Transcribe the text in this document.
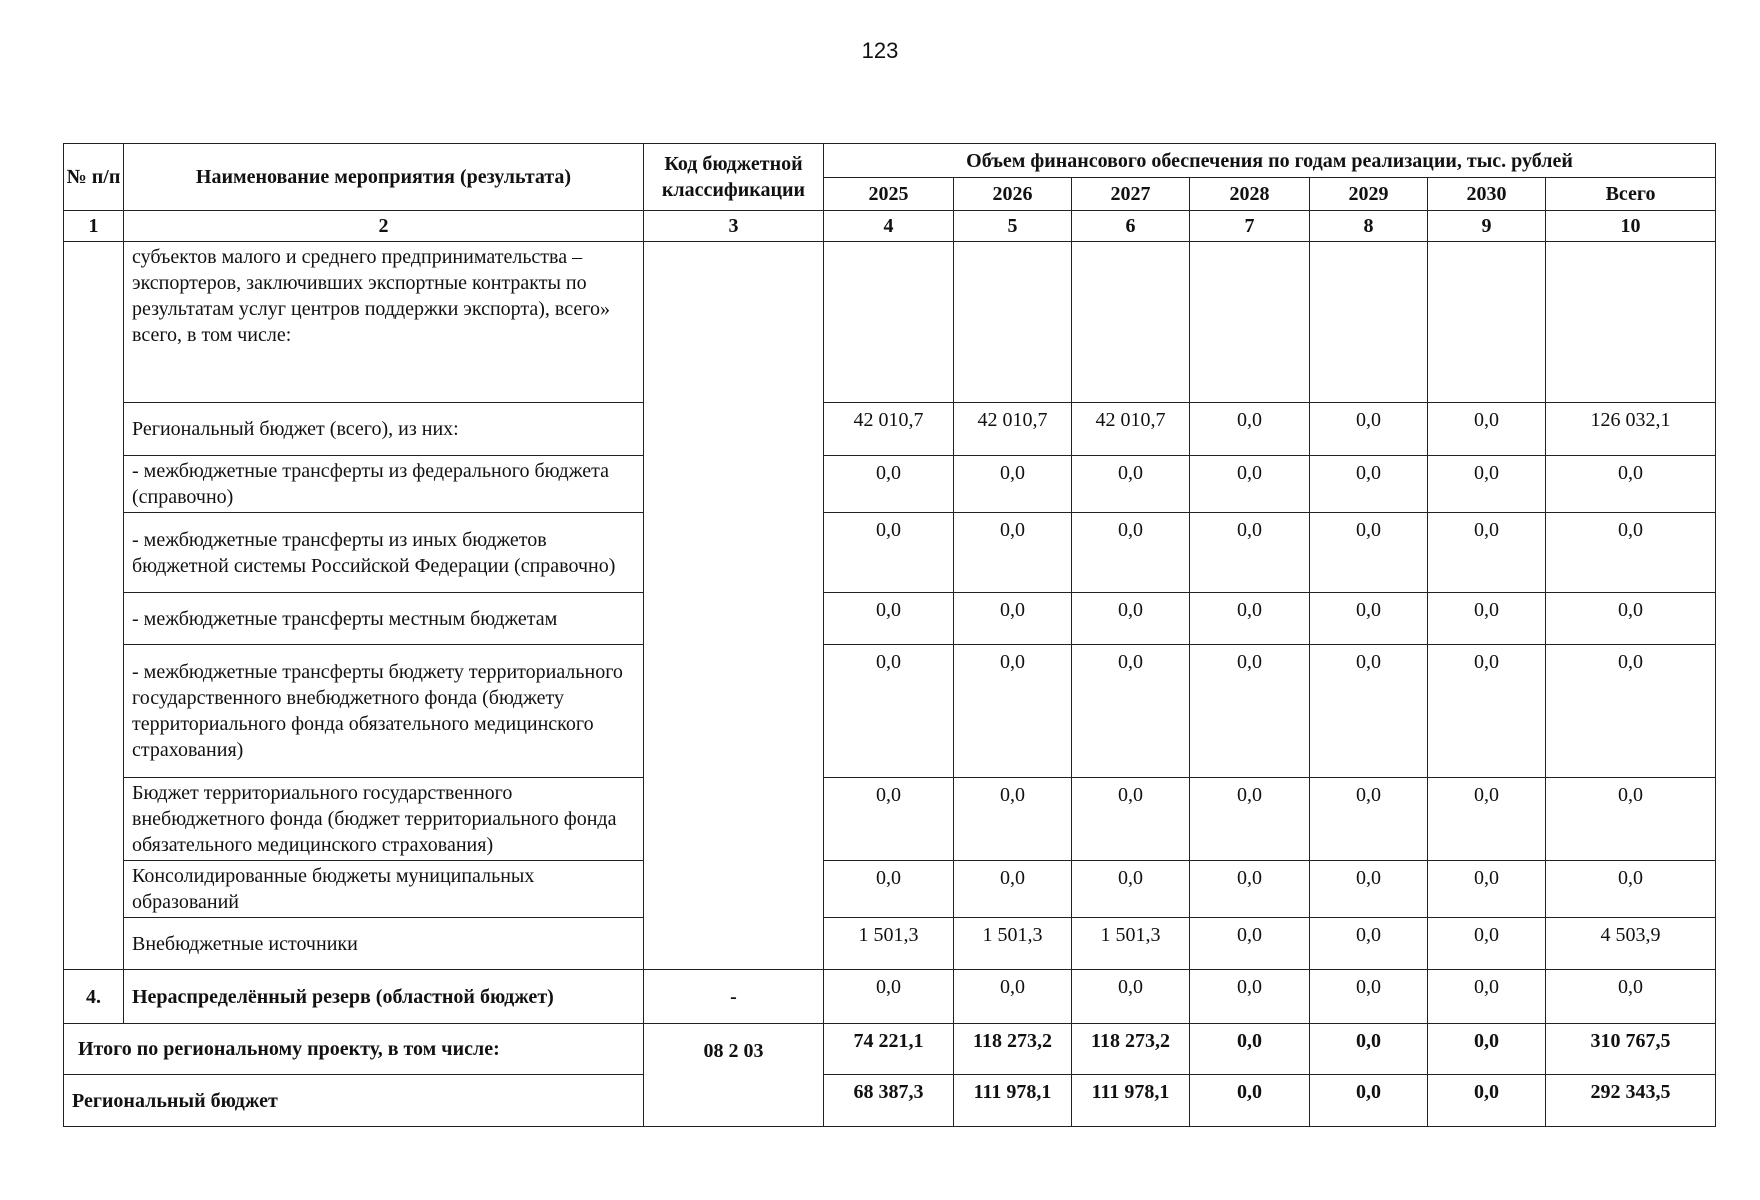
123
№ п/п	Наименование мероприятия (результата)	Код бюджетной классификации	Объем финансового обеспечения по годам реализации, тыс. рублей						
			2025	2026	2027	2028	2029	2030	Всего
1	2	3	4	5	6	7	8	9	10
	субъектов малого и среднего предпринимательства – экспортеров, заключивших экспортные контракты по результатам услуг центров поддержки экспорта), всего» всего, в том числе:								
	Региональный бюджет (всего), из них:		42 010,7	42 010,7	42 010,7	0,0	0,0	0,0	126 032,1
	- межбюджетные трансферты из федерального бюджета (справочно)		0,0	0,0	0,0	0,0	0,0	0,0	0,0
	- межбюджетные трансферты из иных бюджетов бюджетной системы Российской Федерации (справочно)		0,0	0,0	0,0	0,0	0,0	0,0	0,0
	- межбюджетные трансферты местным бюджетам		0,0	0,0	0,0	0,0	0,0	0,0	0,0
	- межбюджетные трансферты бюджету территориального государственного внебюджетного фонда (бюджету территориального фонда обязательного медицинского страхования)		0,0	0,0	0,0	0,0	0,0	0,0	0,0
	Бюджет территориального государственного внебюджетного фонда (бюджет территориального фонда обязательного медицинского страхования)		0,0	0,0	0,0	0,0	0,0	0,0	0,0
	Консолидированные бюджеты муниципальных образований		0,0	0,0	0,0	0,0	0,0	0,0	0,0
	Внебюджетные источники		1 501,3	1 501,3	1 501,3	0,0	0,0	0,0	4 503,9
4.	Нераспределённый резерв (областной бюджет)	-	0,0	0,0	0,0	0,0	0,0	0,0	0,0
Итого по региональному проекту, в том числе:		08 2 03	74 221,1	118 273,2	118 273,2	0,0	0,0	0,0	310 767,5
Региональный бюджет			68 387,3	111 978,1	111 978,1	0,0	0,0	0,0	292 343,5
